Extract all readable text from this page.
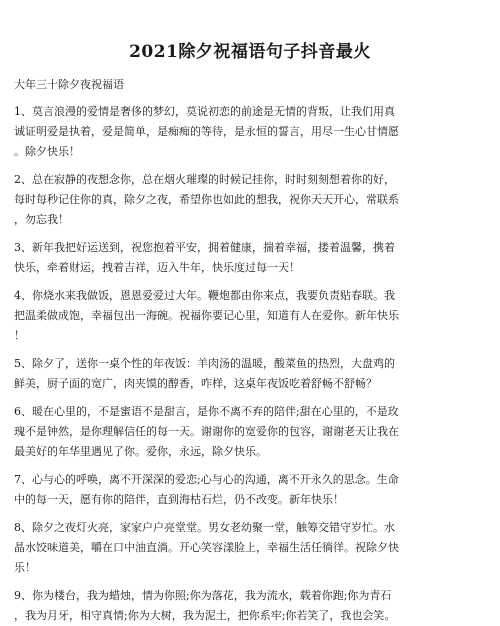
2021除夕祝福语句子抖音最火
大年三十除夕夜祝福语
1、莫言浪漫的爱情是奢侈的梦幻，莫说初恋的前途是无情的背叛，让我们用真
诚证明爱是执着，爱是简单，是痴痴的等待，是永恒的誓言，用尽一生心甘情愿
。除夕快乐！
2、总在寂静的夜想念你，总在烟火璀璨的时候记挂你，时时刻刻想着你的好，
每时每秒记住你的真，除夕之夜，希望你也如此的想我，祝你天天开心，常联系
，勿忘我！
3、新年我把好运送到，祝您抱着平安，拥着健康，揣着幸福，搂着温馨，携着
快乐，牵着财运，拽着吉祥，迈入牛年，快乐度过每一天！
4、你烧水来我做饭，恩恩爱爱过大年。鞭炮都由你来点，我要负责贴春联。我
把温柔做成饱，幸福包出一海碗。祝福你要记心里，知道有人在爱你。新年快乐
！
5、除夕了，送你一桌个性的年夜饭：羊肉汤的温暖，酸菜鱼的热烈，大盘鸡的
鲜美，厨子面的宽广，肉夹馍的醇香，咋样，这桌年夜饭吃着舒畅不舒畅？
6、暖在心里的，不是蜜语不是甜言，是你不离不弃的陪伴;甜在心里的，不是玫
瑰不是钟然，是你理解信任的每一天。谢谢你的宽爱你的包容，谢谢老天让我在
最美好的年华里遇见了你。爱你，永远，除夕快乐。
7、心与心的呼唤，离不开深深的爱恋;心与心的沟通，离不开永久的思念。生命
中的每一天，愿有你的陪伴，直到海枯石烂，仍不改变。新年快乐！
8、除夕之夜灯火亮，家家户户亮堂堂。男女老幼聚一堂，触筹交错守岁忙。水
晶水饺味道美，嚼在口中油直淌。开心笑容漾脸上，幸福生活任徜徉。祝除夕快
乐！
9、你为楼台，我为蜡烛，情为你照;你为落花，我为流水，载着你跑;你为青石
，我为月牙，相守真情;你为大树，我为泥土，把你系牢;你若笑了，我也会笑。
